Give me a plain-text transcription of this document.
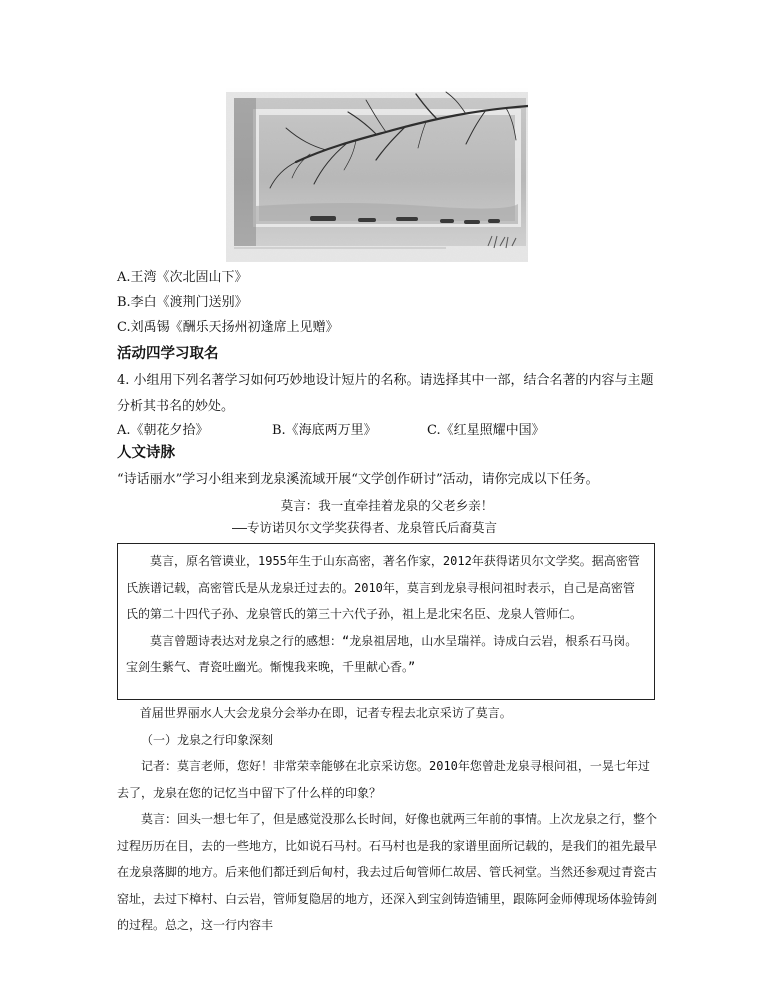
A.王湾《次北固山下》
B.李白《渡荆门送别》
C.刘禹锡《酬乐天扬州初逢席上见赠》
活动四学习取名
4. 小组用下列名著学习如何巧妙地设计短片的名称。请选择其中一部，结合名著的内容与主题分析其书名的妙处。
A.《朝花夕拾》	B.《海底两万里》	C.《红星照耀中国》
人文诗脉
“诗话丽水”学习小组来到龙泉溪流域开展“文学创作研讨”活动，请你完成以下任务。
莫言：我一直牵挂着龙泉的父老乡亲！
——专访诺贝尔文学奖获得者、龙泉管氏后裔莫言

莫言，原名管谟业，1955年生于山东高密，著名作家，2012年获得诺贝尔文学奖。据高密管氏族谱记载，高密管氏是从龙泉迁过去的。2010年，莫言到龙泉寻根问祖时表示，自己是高密管氏的第二十四代子孙、龙泉管氏的第三十六代子孙，祖上是北宋名臣、龙泉人管师仁。

莫言曾题诗表达对龙泉之行的感想：“龙泉祖居地，山水呈瑞祥。诗成白云岩，根系石马岗。宝剑生紫气、青瓷吐幽光。惭愧我来晚，千里献心香。”

首届世界丽水人大会龙泉分会举办在即，记者专程去北京采访了莫言。

（一）龙泉之行印象深刻

记者：莫言老师，您好！非常荣幸能够在北京采访您。2010年您曾赴龙泉寻根问祖，一晃七年过去了，龙泉在您的记忆当中留下了什么样的印象？

莫言：回头一想七年了，但是感觉没那么长时间，好像也就两三年前的事情。上次龙泉之行，整个过程历历在目，去的一些地方，比如说石马村。石马村也是我的家谱里面所记载的，是我们的祖先最早在龙泉落脚的地方。后来他们都迁到后甸村，我去过后甸管师仁故居、管氏祠堂。当然还参观过青瓷古窑址，去过下樟村、白云岩，管师复隐居的地方，还深入到宝剑铸造铺里，跟陈阿金师傅现场体验铸剑的过程。总之，这一行内容丰
